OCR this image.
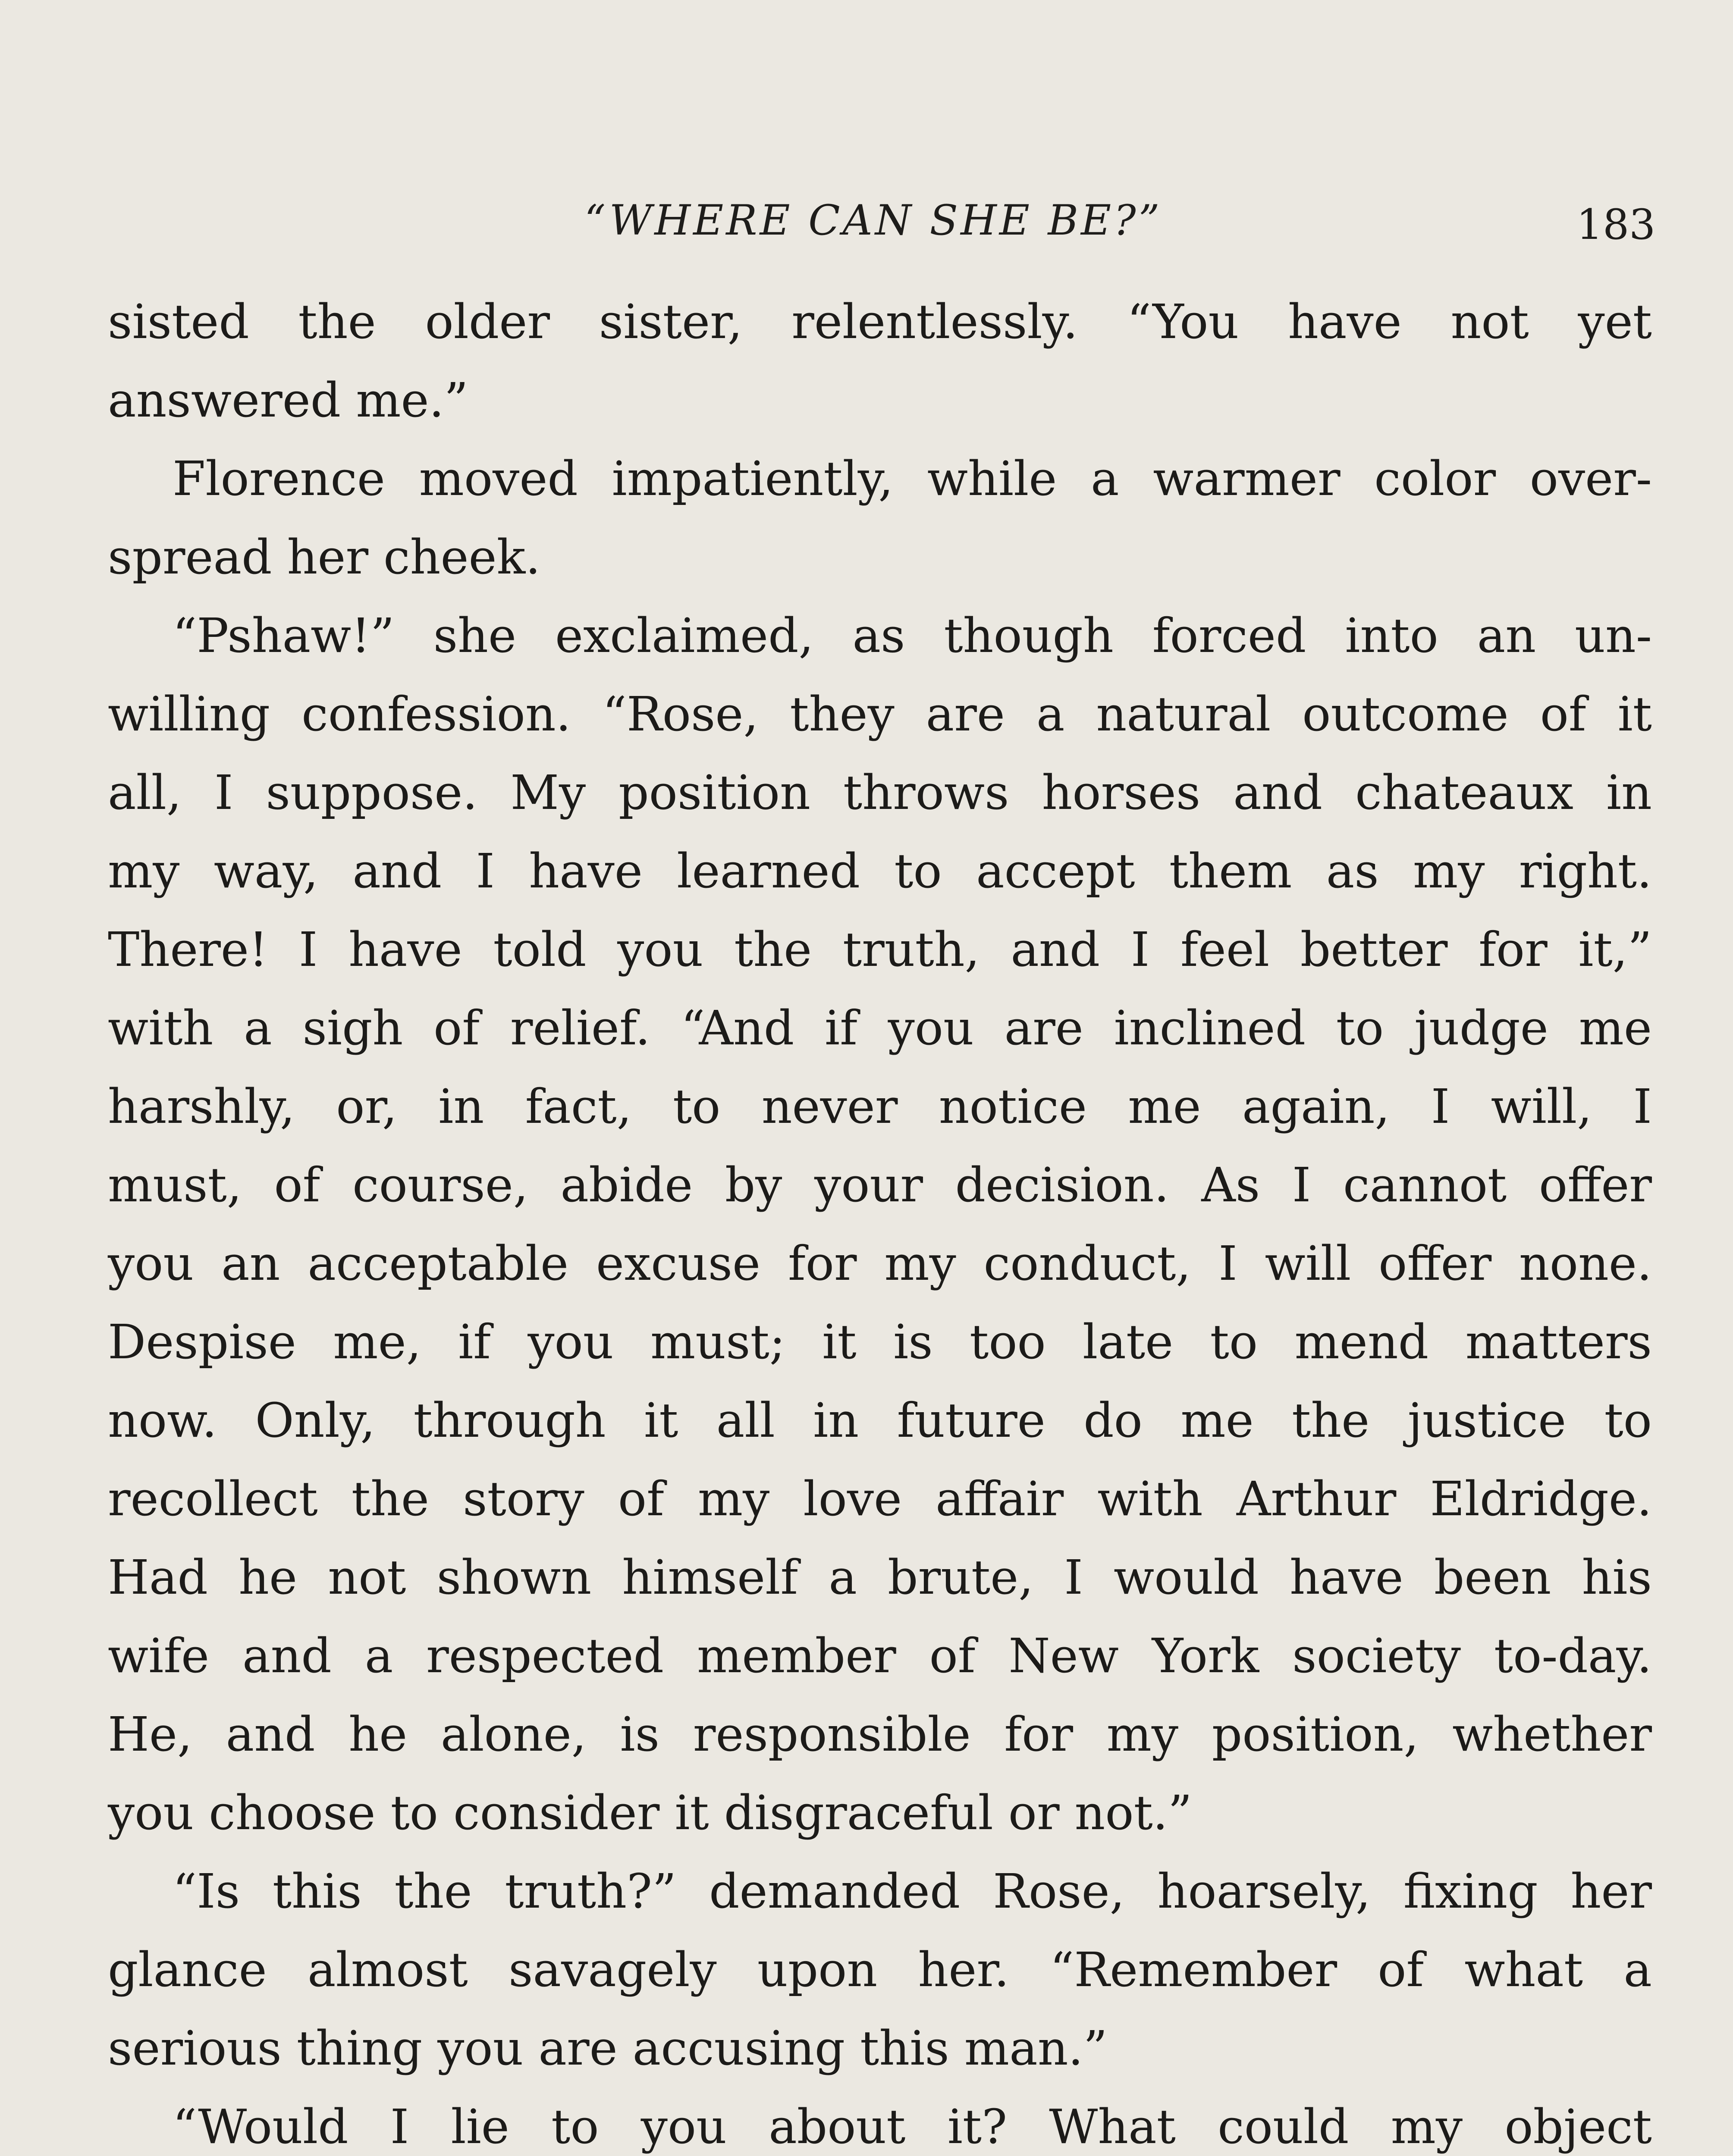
“WHERE CAN SHE BE?”	183
sisted the older sister, relentlessly. “You have not yet
answered me.”
Florence moved impatiently, while a warmer color over-
spread her cheek.
“Pshaw!” she exclaimed, as though forced into an un-
willing confession. “Rose, they are a natural outcome of it
all, I suppose. My position throws horses and chateaux in
my way, and I have learned to accept them as my right.
There! I have told you the truth, and I feel better for it,”
with a sigh of relief. “And if you are inclined to judge me
harshly, or, in fact, to never notice me again, I will, I
must, of course, abide by your decision. As I cannot offer
you an acceptable excuse for my conduct, I will offer none.
Despise me, if you must; it is too late to mend matters
now. Only, through it all in future do me the justice to
recollect the story of my love affair with Arthur Eldridge.
Had he not shown himself a brute, I would have been his
wife and a respected member of New York society to-day.
He, and he alone, is responsible for my position, whether
you choose to consider it disgraceful or not.”
“Is this the truth?” demanded Rose, hoarsely, fixing her
glance almost savagely upon her. “Remember of what a
serious thing you are accusing this man.”
“Would I lie to you about it? What could my object
